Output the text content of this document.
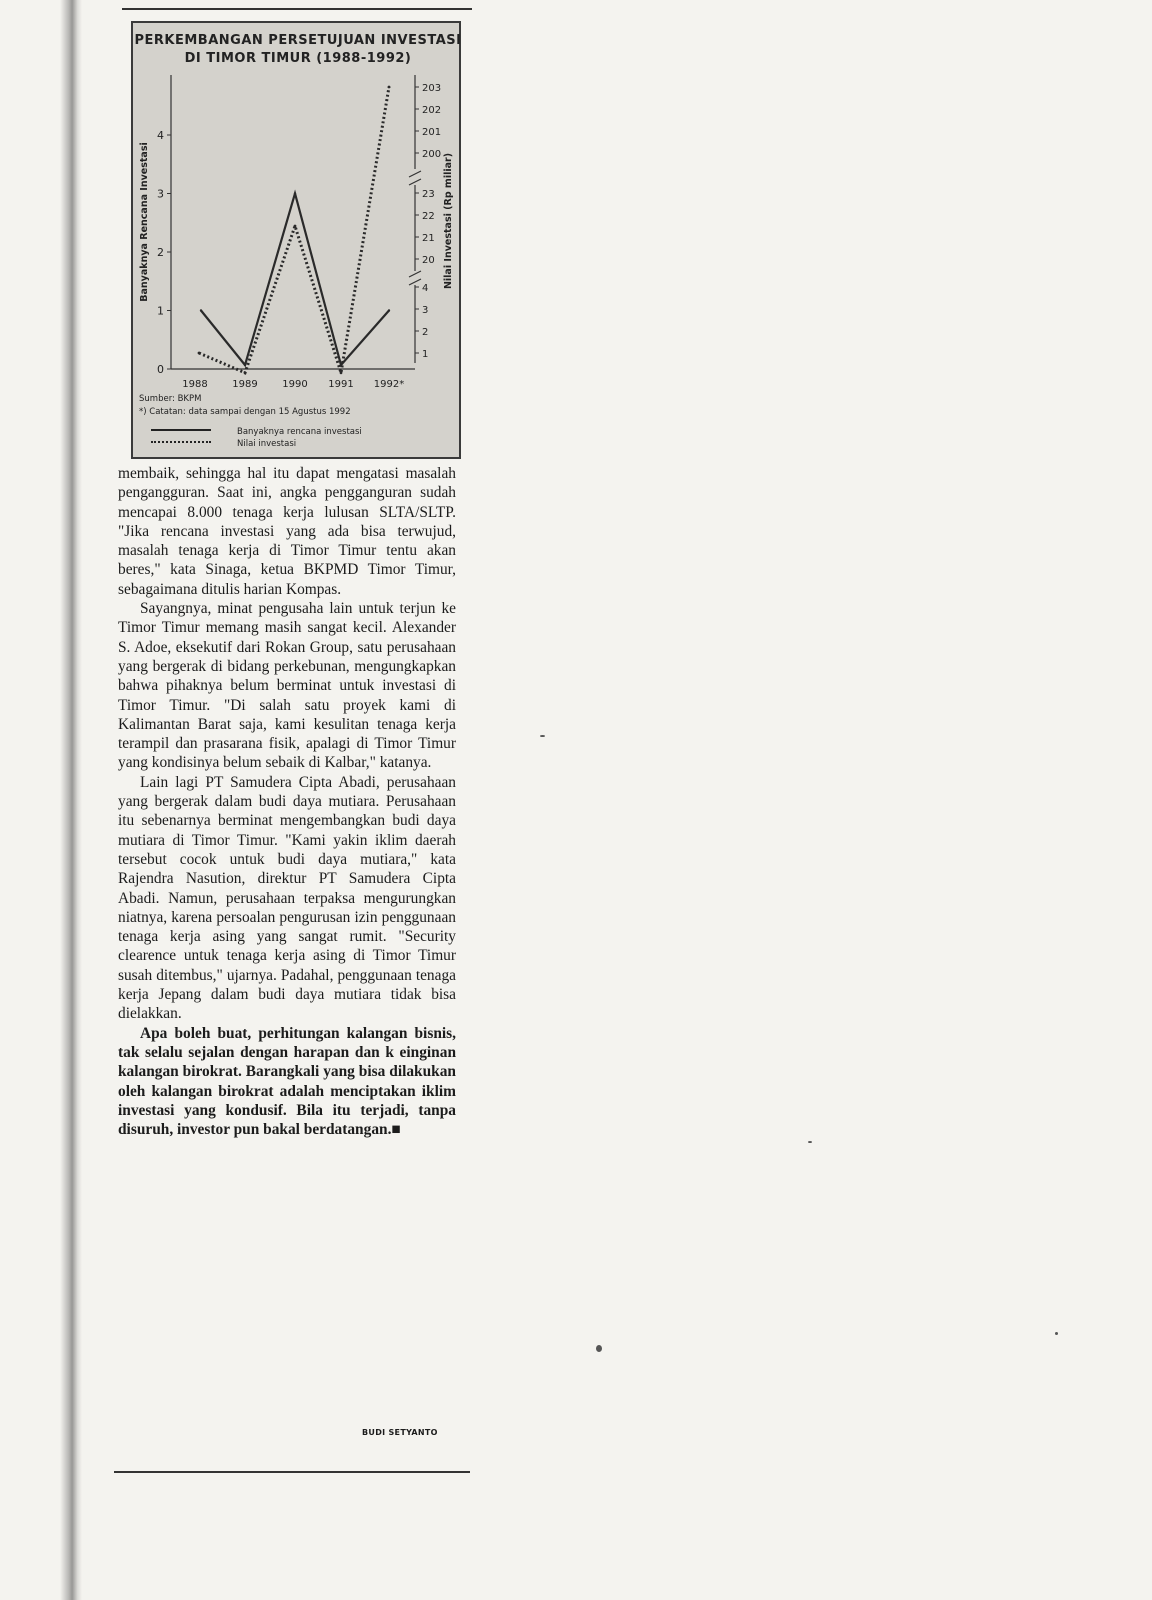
PERKEMBANGAN PERSETUJUAN INVESTASI
DI TIMOR TIMUR (1988-1992)
0
1
2
3
4
Banyaknya Rencana Investasi
1
2
3
4
20
21
22
23
200
201
202
203
Nilai Investasi (Rp miliar)
1988 1989 1990 1991 1992*
Sumber: BKPM
*) Catatan: data sampai dengan 15 Agustus 1992
Banyaknya rencana investasi
Nilai investasi

membaik, sehingga hal itu dapat mengatasi masalah pengangguran. Saat ini, angka pengganguran sudah mencapai 8.000 tenaga kerja lulusan SLTA/SLTP. "Jika rencana investasi yang ada bisa terwujud, masalah tenaga kerja di Timor Timur tentu akan beres," kata Sinaga, ketua BKPMD Timor Timur, sebagaimana ditulis harian Kompas.

Sayangnya, minat pengusaha lain untuk terjun ke Timor Timur memang masih sangat kecil. Alexander S. Adoe, eksekutif dari Rokan Group, satu perusahaan yang bergerak di bidang perkebunan, mengungkapkan bahwa pihaknya belum berminat untuk investasi di Timor Timur. "Di salah satu proyek kami di Kalimantan Barat saja, kami kesulitan tenaga kerja terampil dan prasarana fisik, apalagi di Timor Timur yang kondisinya belum sebaik di Kalbar," katanya.

Lain lagi PT Samudera Cipta Abadi, perusahaan yang bergerak dalam budi daya mutiara. Perusahaan itu sebenarnya berminat mengembangkan budi daya mutiara di Timor Timur. "Kami yakin iklim daerah tersebut cocok untuk budi daya mutiara," kata Rajendra Nasution, direktur PT Samudera Cipta Abadi. Namun, perusahaan terpaksa mengurungkan niatnya, karena persoalan pengurusan izin penggunaan tenaga kerja asing yang sangat rumit. "Security clearence untuk tenaga kerja asing di Timor Timur susah ditembus," ujarnya. Padahal, penggunaan tenaga kerja Jepang dalam budi daya mutiara tidak bisa dielakkan.

Apa boleh buat, perhitungan kalangan bisnis, tak selalu sejalan dengan harapan dan k einginan kalangan birokrat. Barangkali yang bisa dilakukan oleh kalangan birokrat adalah menciptakan iklim investasi yang kondusif. Bila itu terjadi, tanpa disuruh, investor pun bakal berdatangan.■

BUDI SETYANTO
